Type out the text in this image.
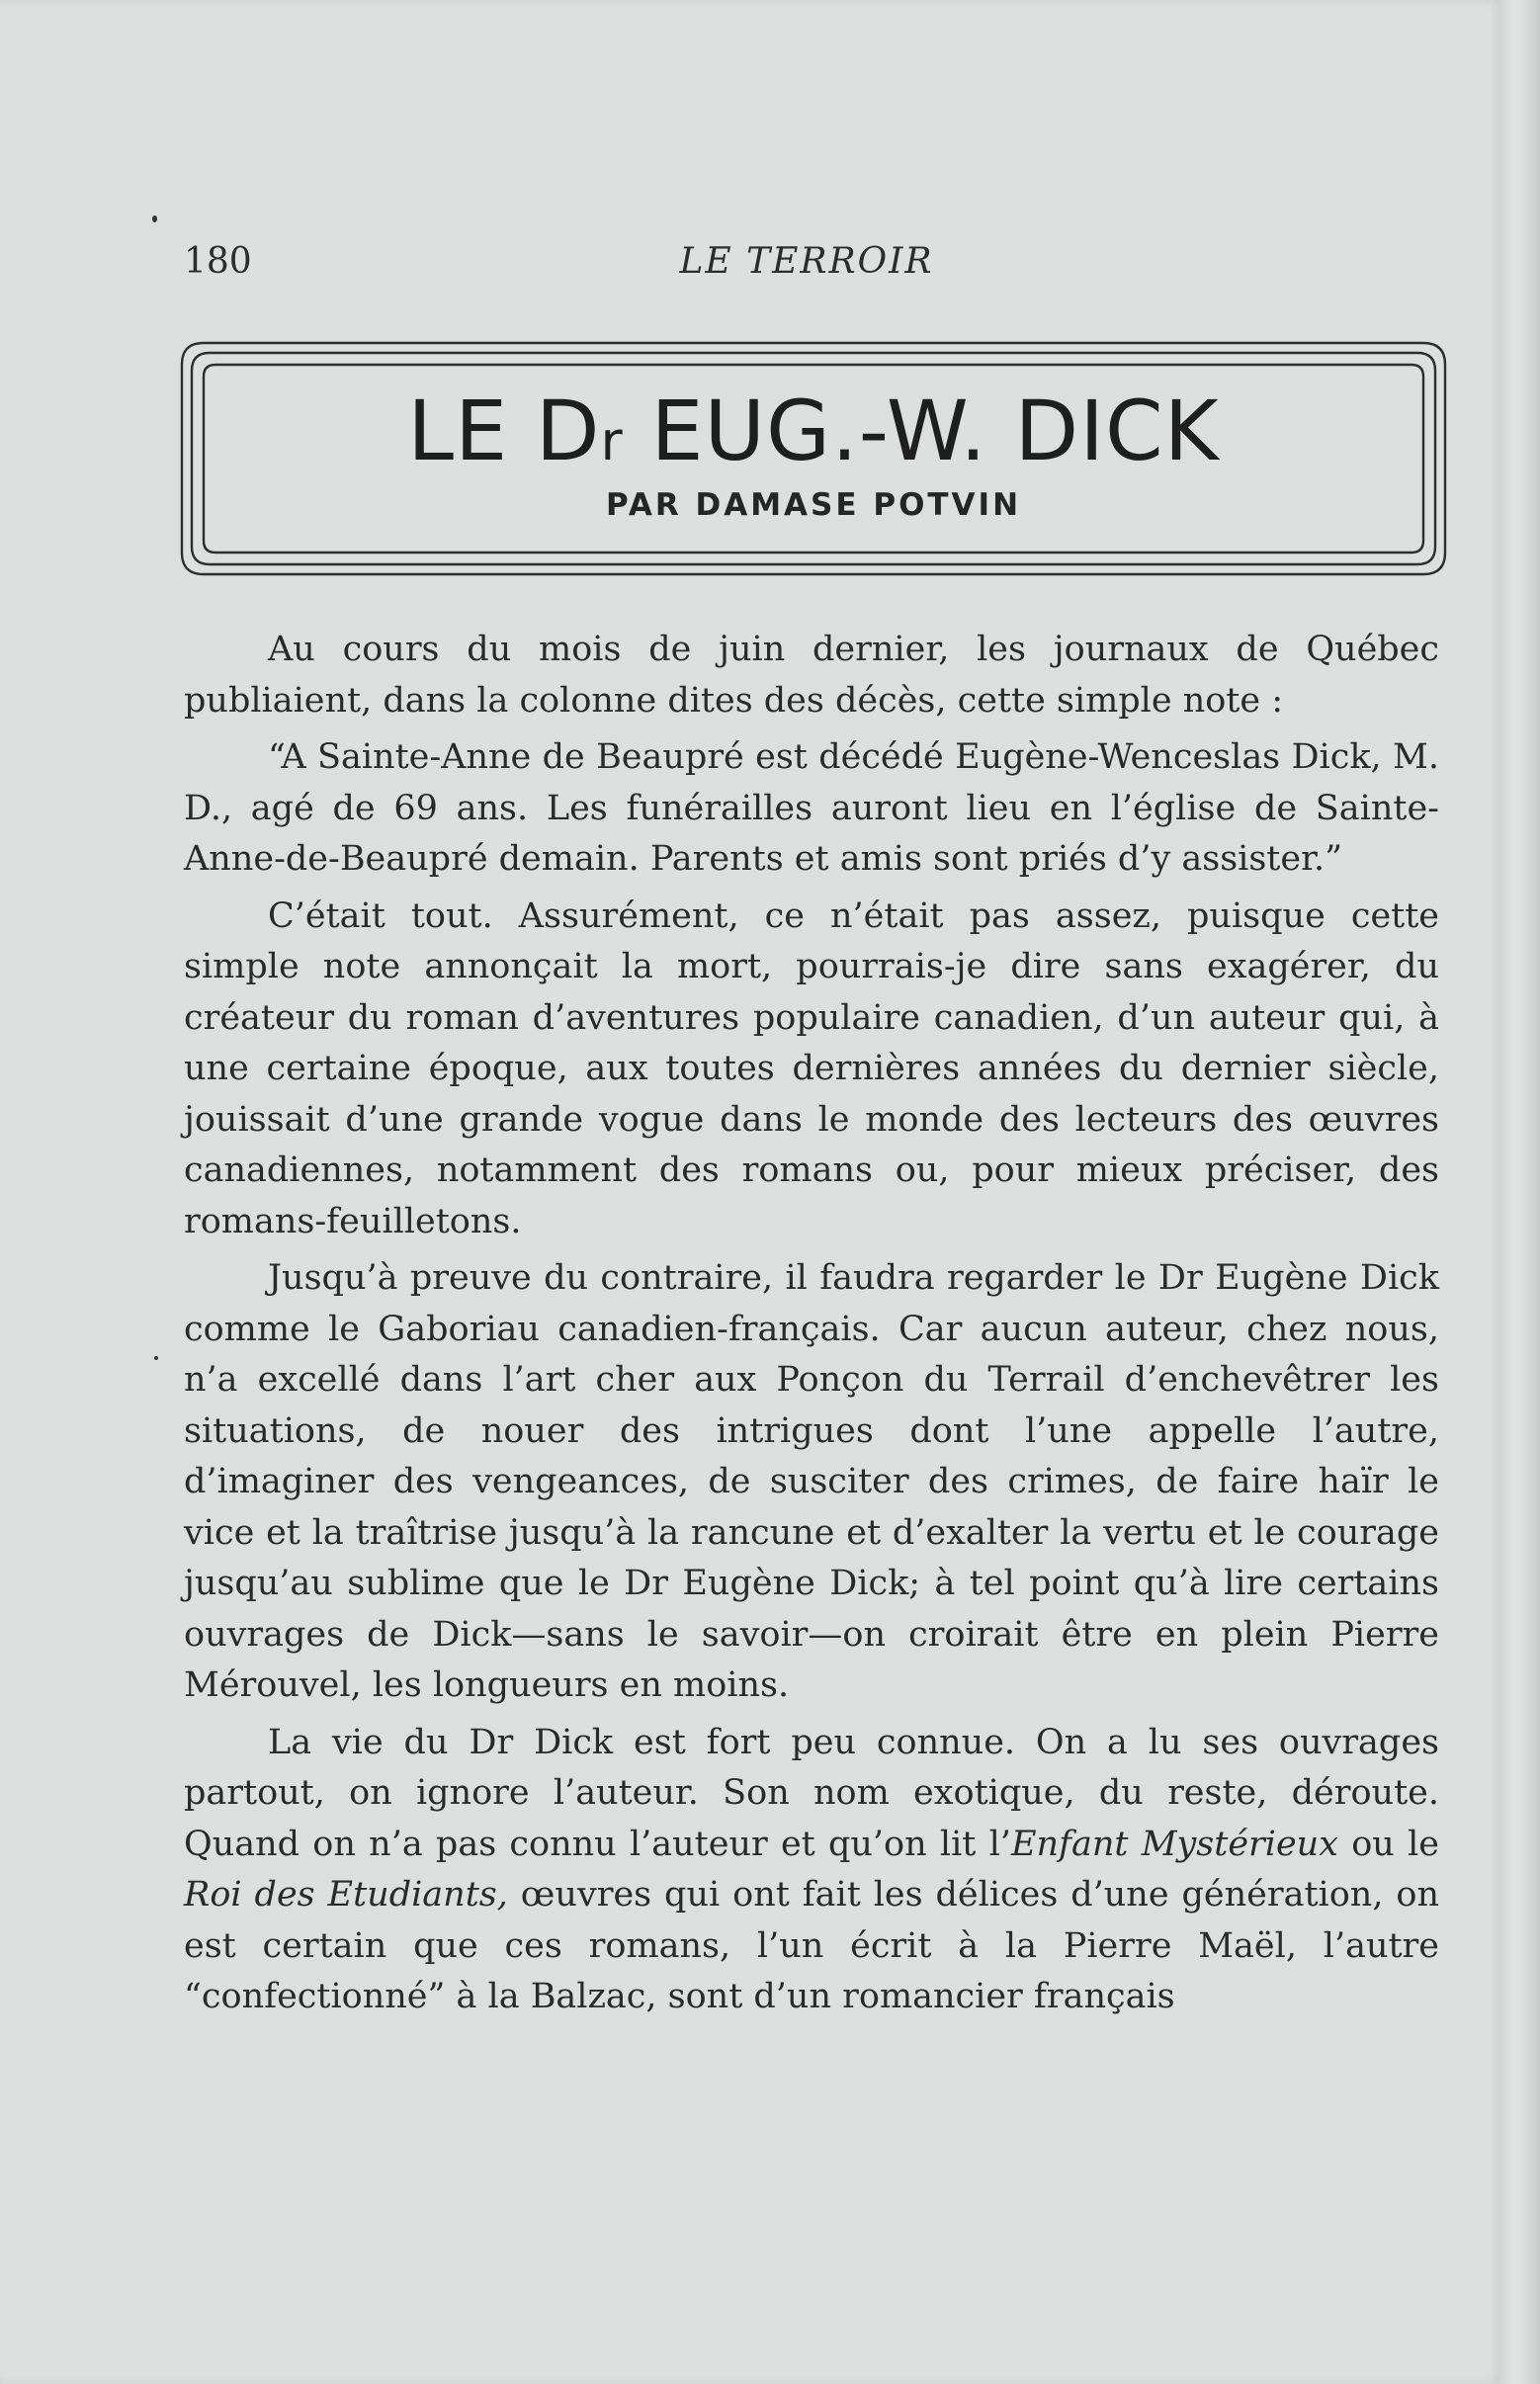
180	LE TERROIR
LE Dr EUG.-W. DICK
PAR DAMASE POTVIN

Au cours du mois de juin dernier, les journaux de Québec publiaient, dans la colonne dites des décès, cette simple note :

“A Sainte-Anne de Beaupré est décédé Eugène-Wenceslas Dick, M. D., agé de 69 ans. Les funérailles auront lieu en l’église de Sainte-Anne-de-Beaupré demain. Parents et amis sont priés d’y assister.”

C’était tout. Assurément, ce n’était pas assez, puisque cette simple note annonçait la mort, pourrais-je dire sans exagérer, du créateur du roman d’aventures populaire canadien, d’un auteur qui, à une certaine époque, aux toutes dernières années du dernier siècle, jouissait d’une grande vogue dans le monde des lecteurs des œuvres canadiennes, notamment des romans ou, pour mieux préciser, des romans-feuilletons.

Jusqu’à preuve du contraire, il faudra regarder le Dr Eugène Dick comme le Gaboriau canadien-français. Car aucun auteur, chez nous, n’a excellé dans l’art cher aux Ponçon du Terrail d’enchevêtrer les situations, de nouer des intrigues dont l’une appelle l’autre, d’imaginer des vengeances, de susciter des crimes, de faire haïr le vice et la traîtrise jusqu’à la rancune et d’exalter la vertu et le courage jusqu’au sublime que le Dr Eugène Dick; à tel point qu’à lire certains ouvrages de Dick—sans le savoir—on croirait être en plein Pierre Mérouvel, les longueurs en moins.

La vie du Dr Dick est fort peu connue. On a lu ses ouvrages partout, on ignore l’auteur. Son nom exotique, du reste, déroute. Quand on n’a pas connu l’auteur et qu’on lit l’Enfant Mystérieux ou le Roi des Etudiants, œuvres qui ont fait les délices d’une génération, on est certain que ces romans, l’un écrit à la Pierre Maël, l’autre “confectionné” à la Balzac, sont d’un romancier français
